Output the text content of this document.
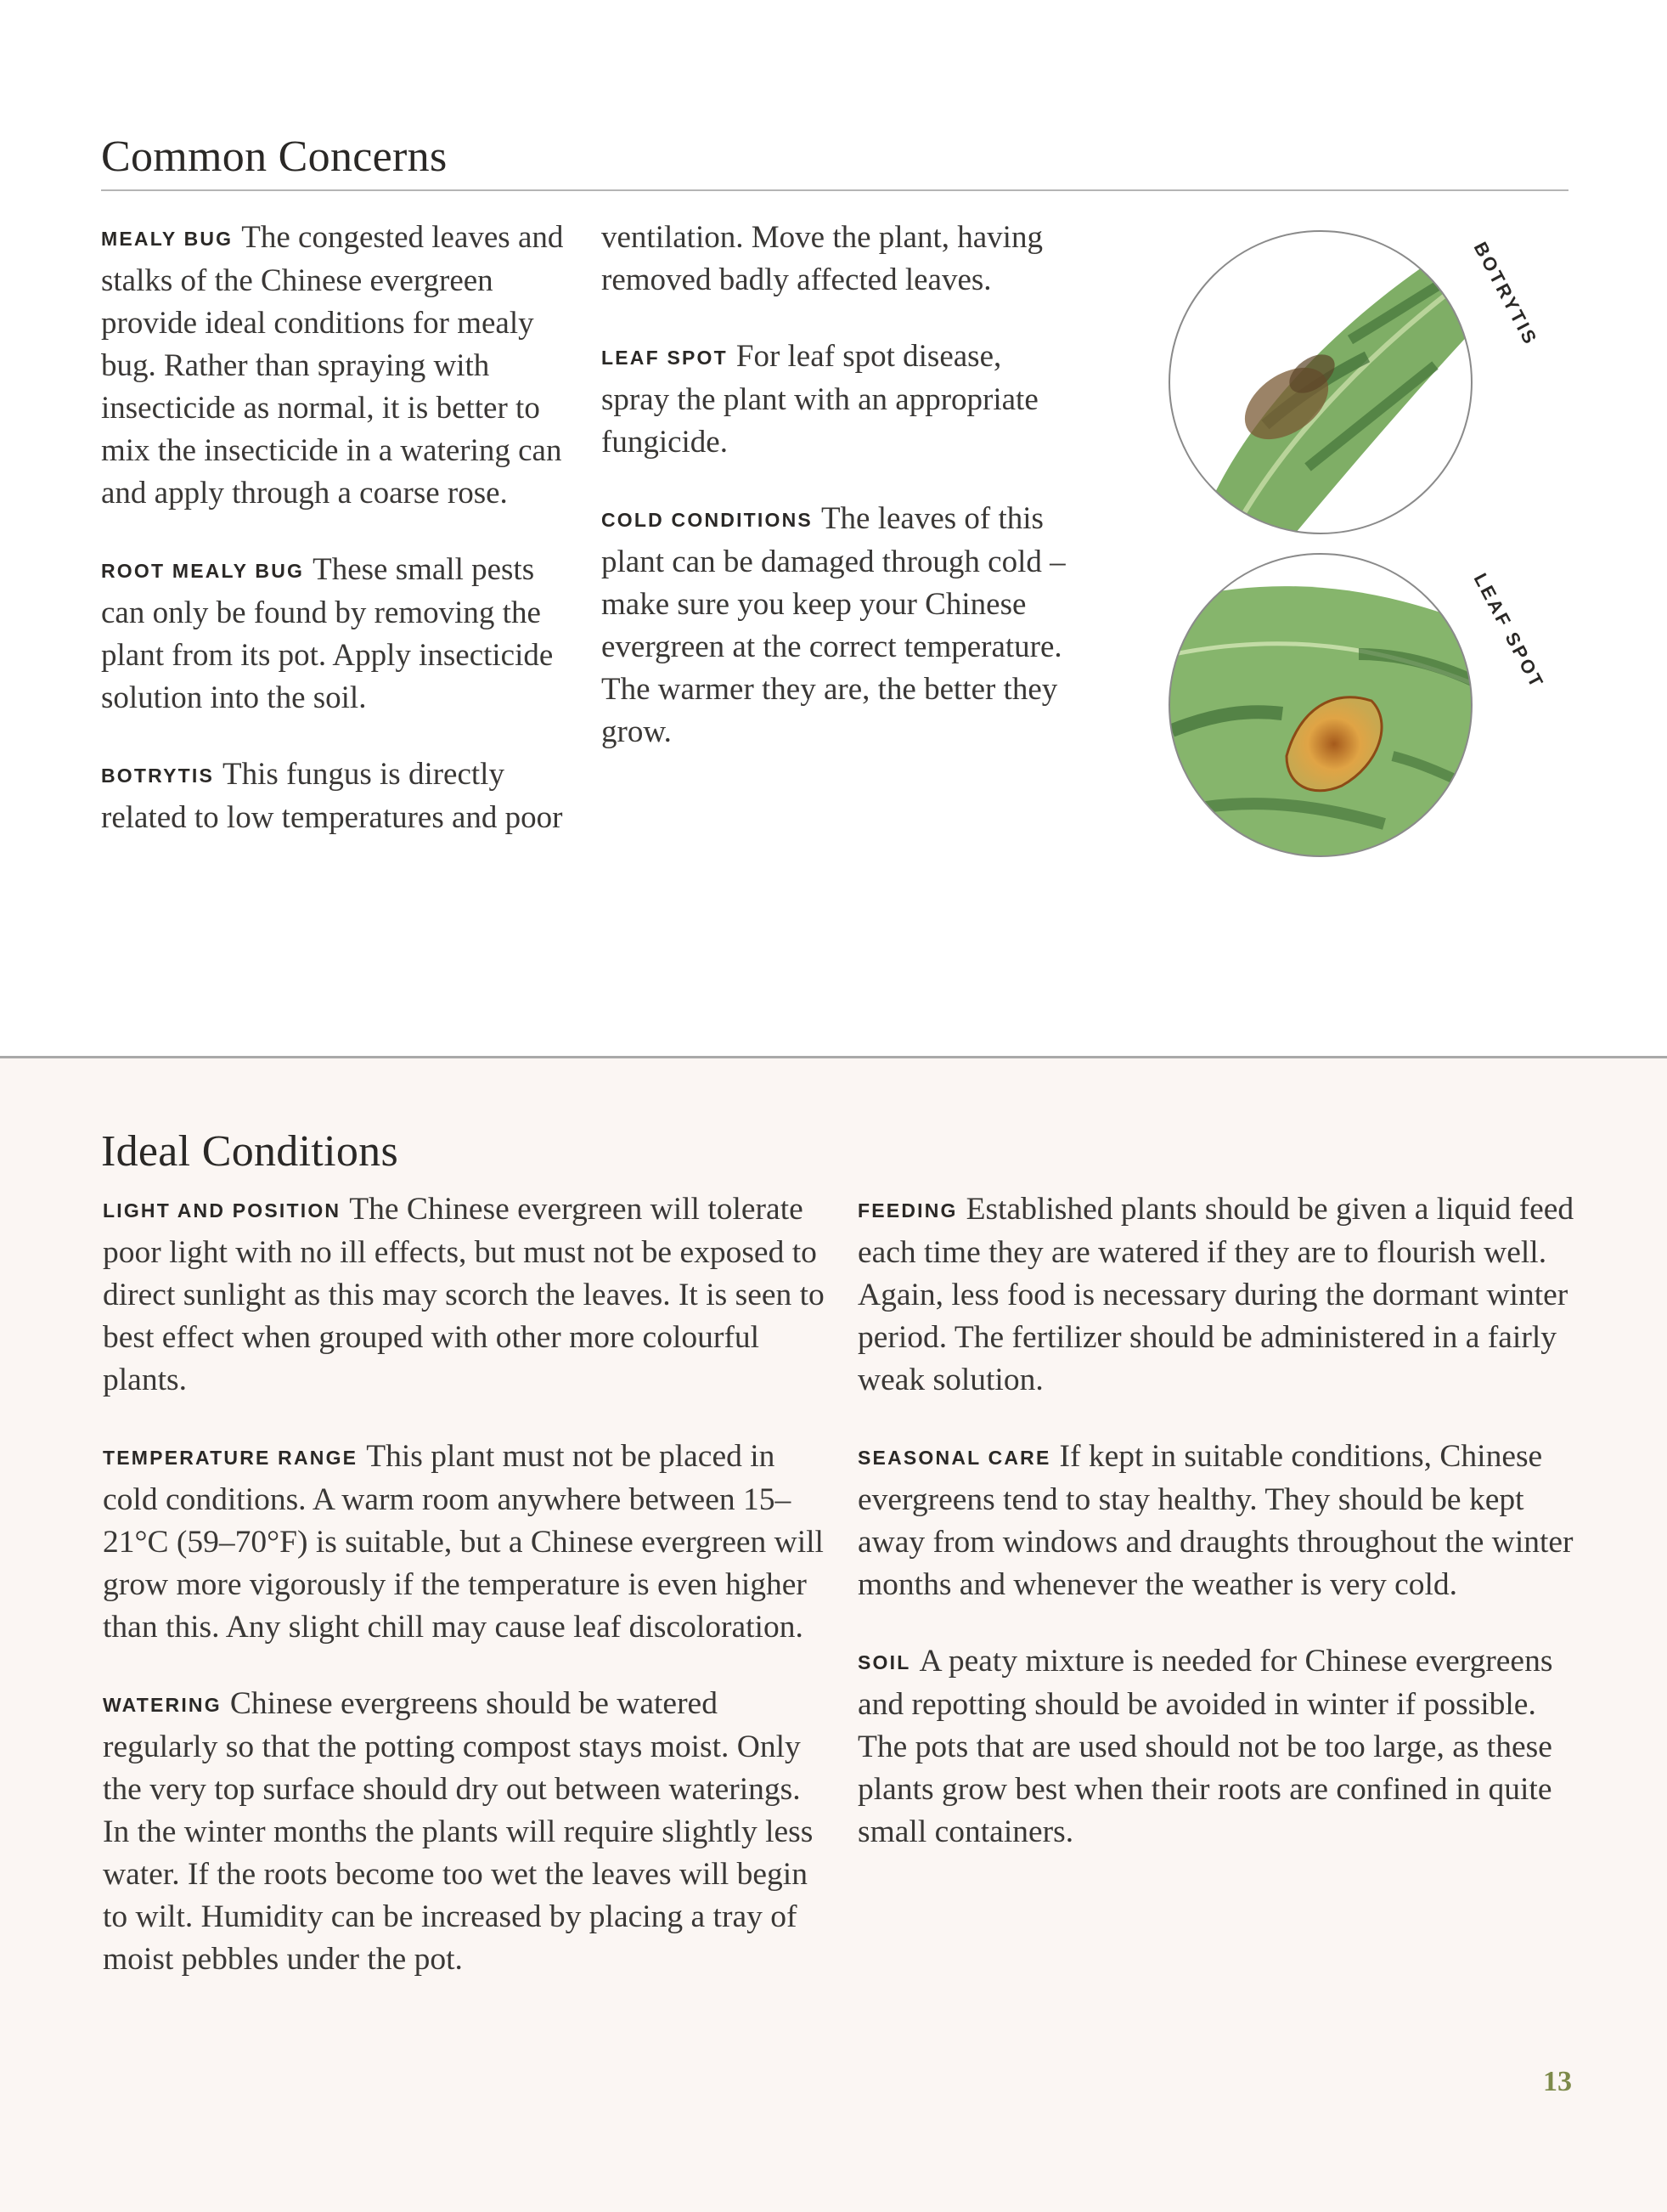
Common Concerns

MEALY BUG The congested leaves and stalks of the Chinese evergreen provide ideal conditions for mealy bug. Rather than spraying with insecticide as normal, it is better to mix the insecticide in a watering can and apply through a coarse rose.

ROOT MEALY BUG These small pests can only be found by removing the plant from its pot. Apply insecticide solution into the soil.

BOTRYTIS This fungus is directly related to low temperatures and poor

ventilation. Move the plant, having removed badly affected leaves.

LEAF SPOT For leaf spot disease, spray the plant with an appropriate fungicide.

COLD CONDITIONS The leaves of this plant can be damaged through cold – make sure you keep your Chinese evergreen at the correct temperature. The warmer they are, the better they grow.

BOTRYTIS
LEAF SPOT
Ideal Conditions

LIGHT AND POSITION The Chinese evergreen will tolerate poor light with no ill effects, but must not be exposed to direct sunlight as this may scorch the leaves. It is seen to best effect when grouped with other more colourful plants.

TEMPERATURE RANGE This plant must not be placed in cold conditions. A warm room anywhere between 15–21°C (59–70°F) is suitable, but a Chinese evergreen will grow more vigorously if the temperature is even higher than this. Any slight chill may cause leaf discoloration.

WATERING Chinese evergreens should be watered regularly so that the potting compost stays moist. Only the very top surface should dry out between waterings. In the winter months the plants will require slightly less water. If the roots become too wet the leaves will begin to wilt. Humidity can be increased by placing a tray of moist pebbles under the pot.

FEEDING Established plants should be given a liquid feed each time they are watered if they are to flourish well. Again, less food is necessary during the dormant winter period. The fertilizer should be administered in a fairly weak solution.

SEASONAL CARE If kept in suitable conditions, Chinese evergreens tend to stay healthy. They should be kept away from windows and draughts throughout the winter months and whenever the weather is very cold.

SOIL A peaty mixture is needed for Chinese evergreens and repotting should be avoided in winter if possible. The pots that are used should not be too large, as these plants grow best when their roots are confined in quite small containers.

13
